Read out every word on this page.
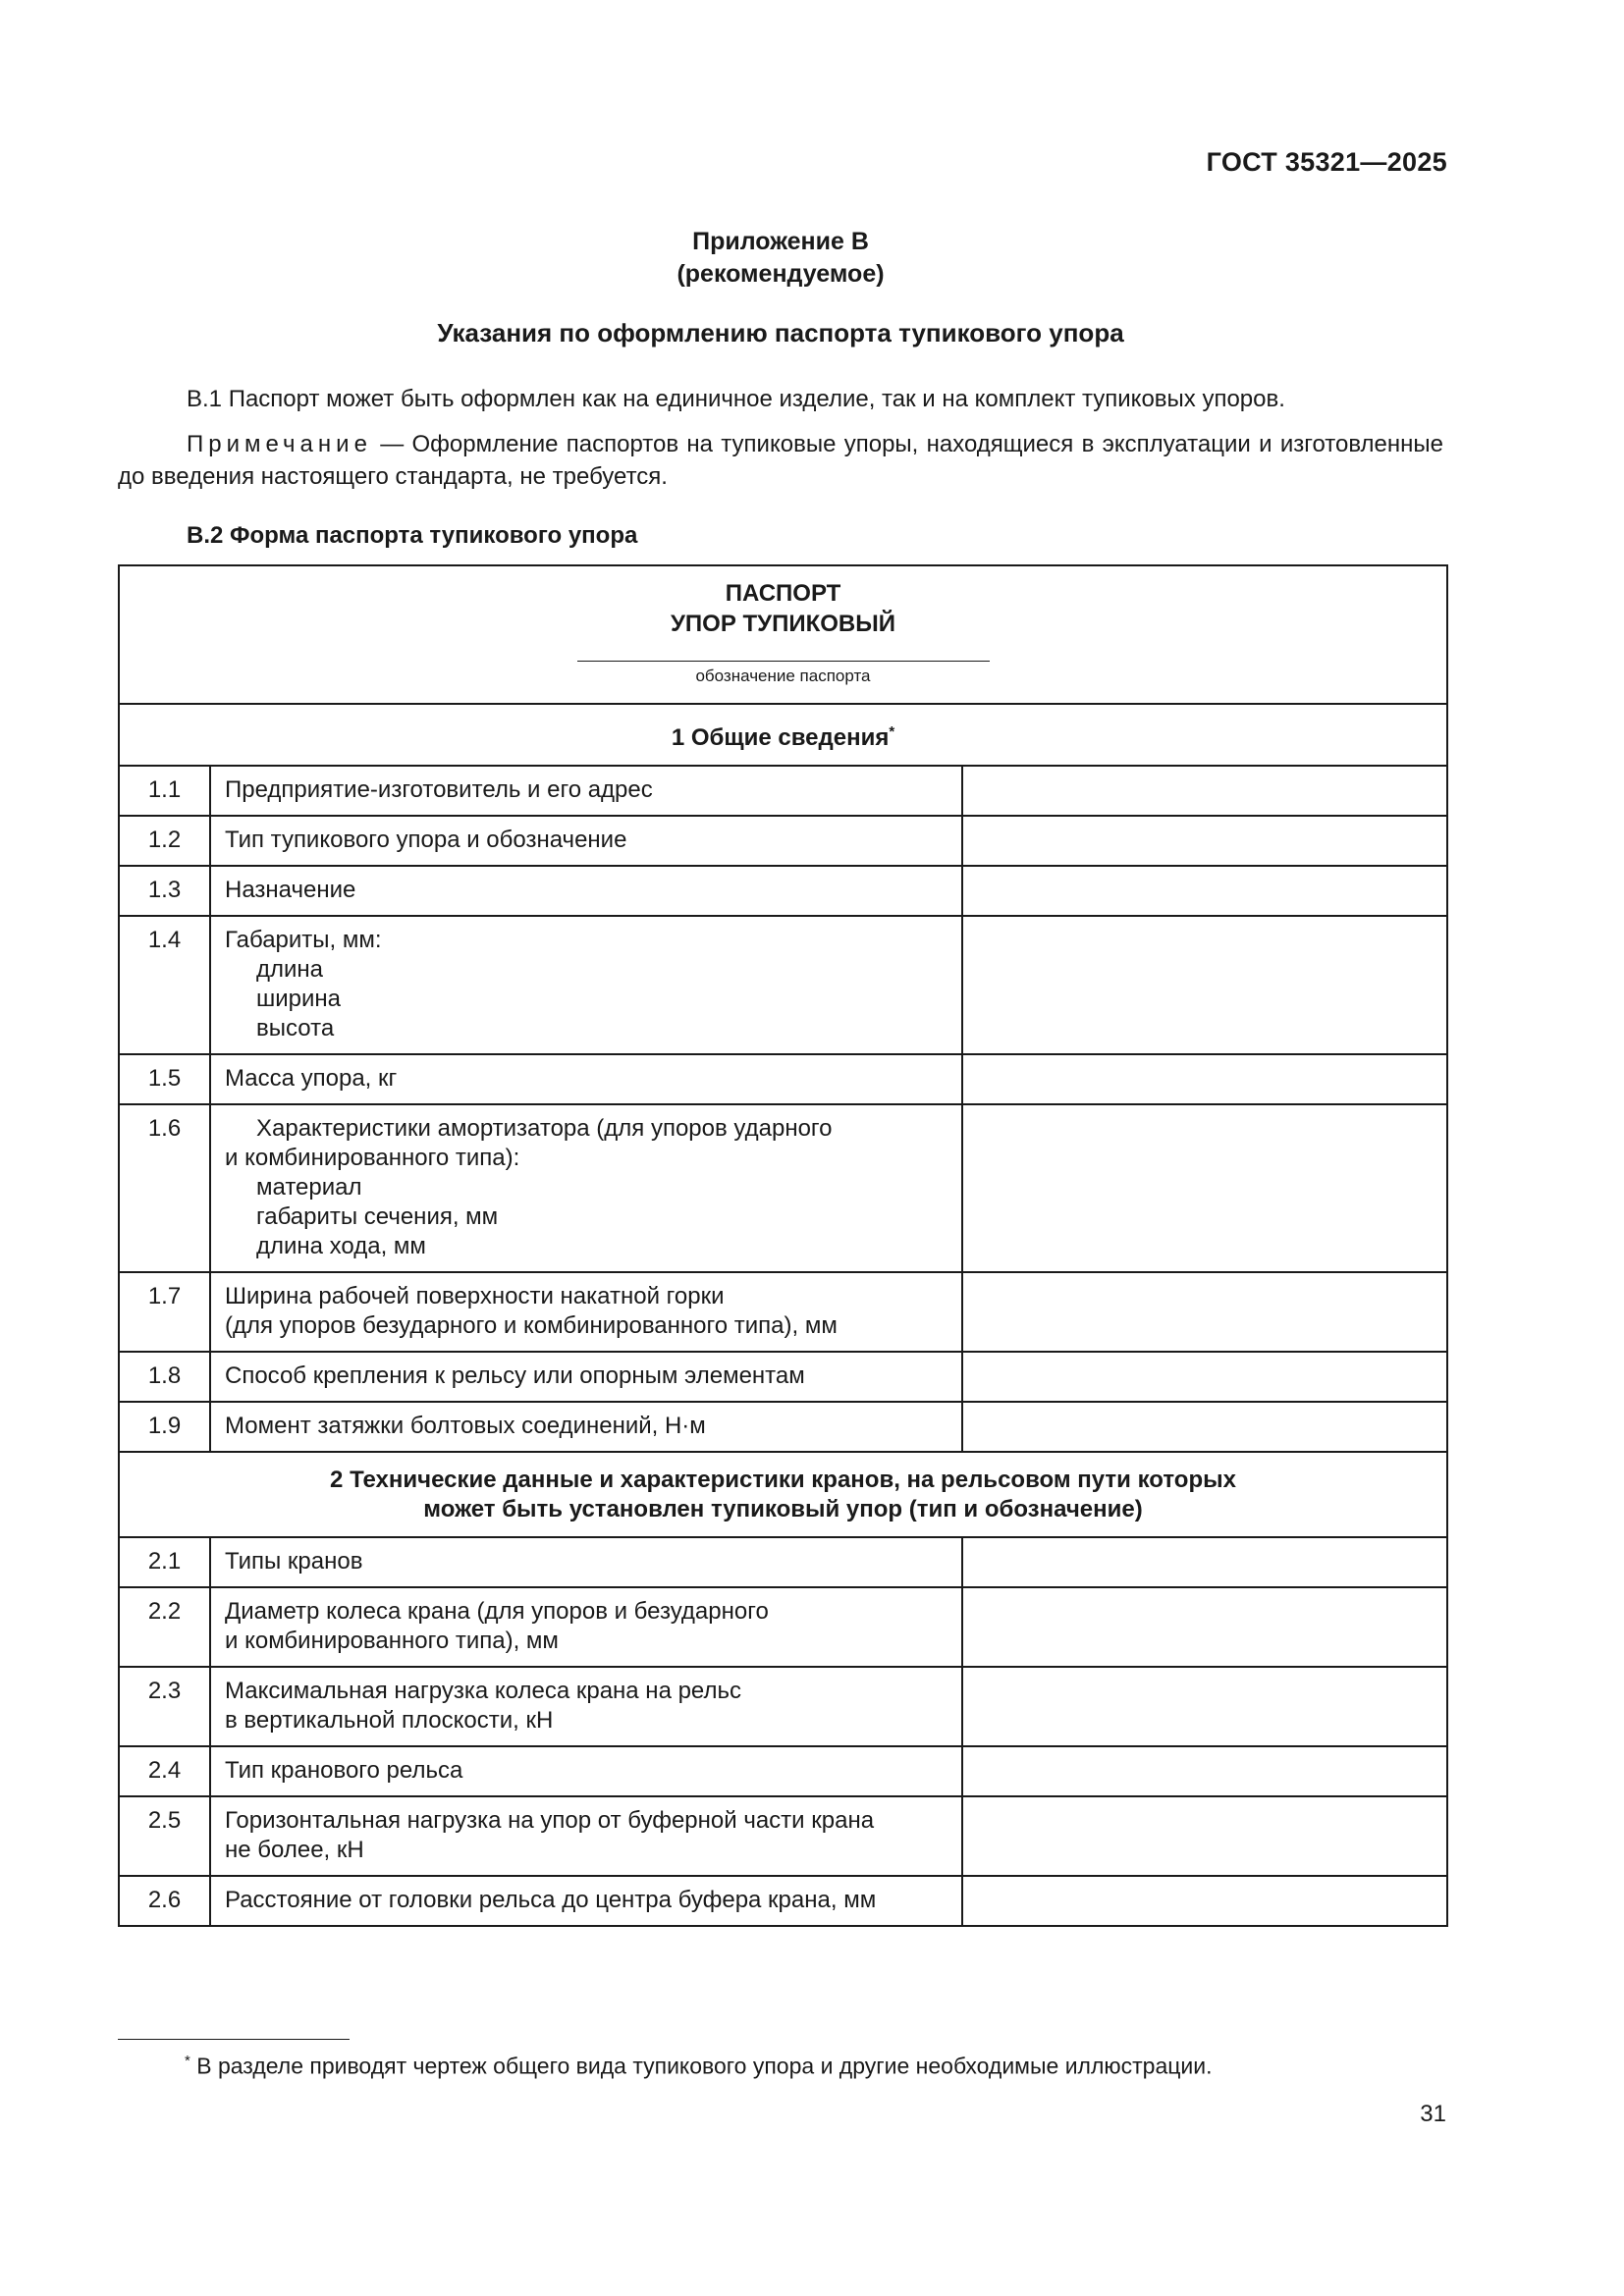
ГОСТ 35321—2025
Приложение В
(рекомендуемое)
Указания по оформлению паспорта тупикового упора
В.1 Паспорт может быть оформлен как на единичное изделие, так и на комплект тупиковых упоров.
Примечание — Оформление паспортов на тупиковые упоры, находящиеся в эксплуатации и изготовленные до введения настоящего стандарта, не требуется.
В.2 Форма паспорта тупикового упора
ПАСПОРТ
УПОР ТУПИКОВЫЙ
обозначение паспорта		

1 Общие сведения*
1.1	Предприятие-изготовитель и его адрес	

1.2	Тип тупикового упора и обозначение	

1.3	Назначение	

1.4	Габариты, мм:
длина
ширина
высота	

1.5	Масса упора, кг	

1.6	Характеристики амортизатора (для упоров ударного
и комбинированного типа):
материал
габариты сечения, мм
длина хода, мм	

1.7	Ширина рабочей поверхности накатной горки
(для упоров безударного и комбинированного типа), мм	

1.8	Способ крепления к рельсу или опорным элементам	

1.9	Момент затяжки болтовых соединений, Н·м	

2 Технические данные и характеристики кранов, на рельсовом пути которых
может быть установлен тупиковый упор (тип и обозначение)		

2.1	Типы кранов	

2.2	Диаметр колеса крана (для упоров и безударного
и комбинированного типа), мм	

2.3	Максимальная нагрузка колеса крана на рельс
в вертикальной плоскости, кН	

2.4	Тип кранового рельса	

2.5	Горизонтальная нагрузка на упор от буферной части крана
не более, кН	

2.6	Расстояние от головки рельса до центра буфера крана, мм	

* В разделе приводят чертеж общего вида тупикового упора и другие необходимые иллюстрации.
31
